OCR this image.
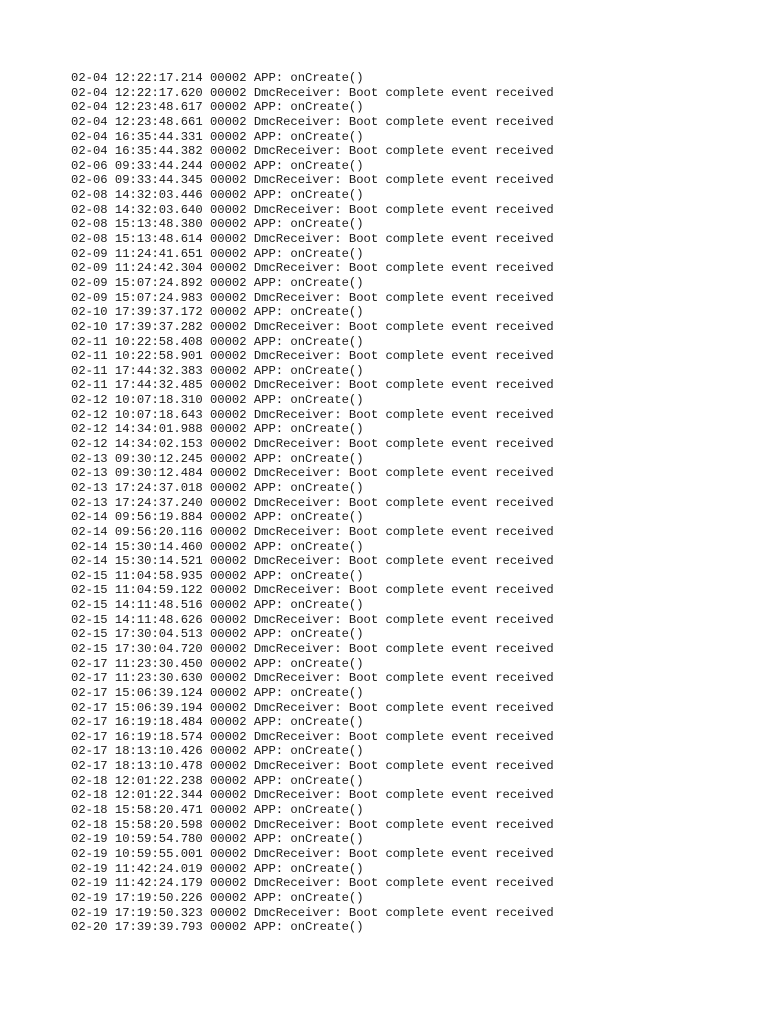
02-04 12:22:17.214 00002 APP: onCreate()
02-04 12:22:17.620 00002 DmcReceiver: Boot complete event received
02-04 12:23:48.617 00002 APP: onCreate()
02-04 12:23:48.661 00002 DmcReceiver: Boot complete event received
02-04 16:35:44.331 00002 APP: onCreate()
02-04 16:35:44.382 00002 DmcReceiver: Boot complete event received
02-06 09:33:44.244 00002 APP: onCreate()
02-06 09:33:44.345 00002 DmcReceiver: Boot complete event received
02-08 14:32:03.446 00002 APP: onCreate()
02-08 14:32:03.640 00002 DmcReceiver: Boot complete event received
02-08 15:13:48.380 00002 APP: onCreate()
02-08 15:13:48.614 00002 DmcReceiver: Boot complete event received
02-09 11:24:41.651 00002 APP: onCreate()
02-09 11:24:42.304 00002 DmcReceiver: Boot complete event received
02-09 15:07:24.892 00002 APP: onCreate()
02-09 15:07:24.983 00002 DmcReceiver: Boot complete event received
02-10 17:39:37.172 00002 APP: onCreate()
02-10 17:39:37.282 00002 DmcReceiver: Boot complete event received
02-11 10:22:58.408 00002 APP: onCreate()
02-11 10:22:58.901 00002 DmcReceiver: Boot complete event received
02-11 17:44:32.383 00002 APP: onCreate()
02-11 17:44:32.485 00002 DmcReceiver: Boot complete event received
02-12 10:07:18.310 00002 APP: onCreate()
02-12 10:07:18.643 00002 DmcReceiver: Boot complete event received
02-12 14:34:01.988 00002 APP: onCreate()
02-12 14:34:02.153 00002 DmcReceiver: Boot complete event received
02-13 09:30:12.245 00002 APP: onCreate()
02-13 09:30:12.484 00002 DmcReceiver: Boot complete event received
02-13 17:24:37.018 00002 APP: onCreate()
02-13 17:24:37.240 00002 DmcReceiver: Boot complete event received
02-14 09:56:19.884 00002 APP: onCreate()
02-14 09:56:20.116 00002 DmcReceiver: Boot complete event received
02-14 15:30:14.460 00002 APP: onCreate()
02-14 15:30:14.521 00002 DmcReceiver: Boot complete event received
02-15 11:04:58.935 00002 APP: onCreate()
02-15 11:04:59.122 00002 DmcReceiver: Boot complete event received
02-15 14:11:48.516 00002 APP: onCreate()
02-15 14:11:48.626 00002 DmcReceiver: Boot complete event received
02-15 17:30:04.513 00002 APP: onCreate()
02-15 17:30:04.720 00002 DmcReceiver: Boot complete event received
02-17 11:23:30.450 00002 APP: onCreate()
02-17 11:23:30.630 00002 DmcReceiver: Boot complete event received
02-17 15:06:39.124 00002 APP: onCreate()
02-17 15:06:39.194 00002 DmcReceiver: Boot complete event received
02-17 16:19:18.484 00002 APP: onCreate()
02-17 16:19:18.574 00002 DmcReceiver: Boot complete event received
02-17 18:13:10.426 00002 APP: onCreate()
02-17 18:13:10.478 00002 DmcReceiver: Boot complete event received
02-18 12:01:22.238 00002 APP: onCreate()
02-18 12:01:22.344 00002 DmcReceiver: Boot complete event received
02-18 15:58:20.471 00002 APP: onCreate()
02-18 15:58:20.598 00002 DmcReceiver: Boot complete event received
02-19 10:59:54.780 00002 APP: onCreate()
02-19 10:59:55.001 00002 DmcReceiver: Boot complete event received
02-19 11:42:24.019 00002 APP: onCreate()
02-19 11:42:24.179 00002 DmcReceiver: Boot complete event received
02-19 17:19:50.226 00002 APP: onCreate()
02-19 17:19:50.323 00002 DmcReceiver: Boot complete event received
02-20 17:39:39.793 00002 APP: onCreate()
